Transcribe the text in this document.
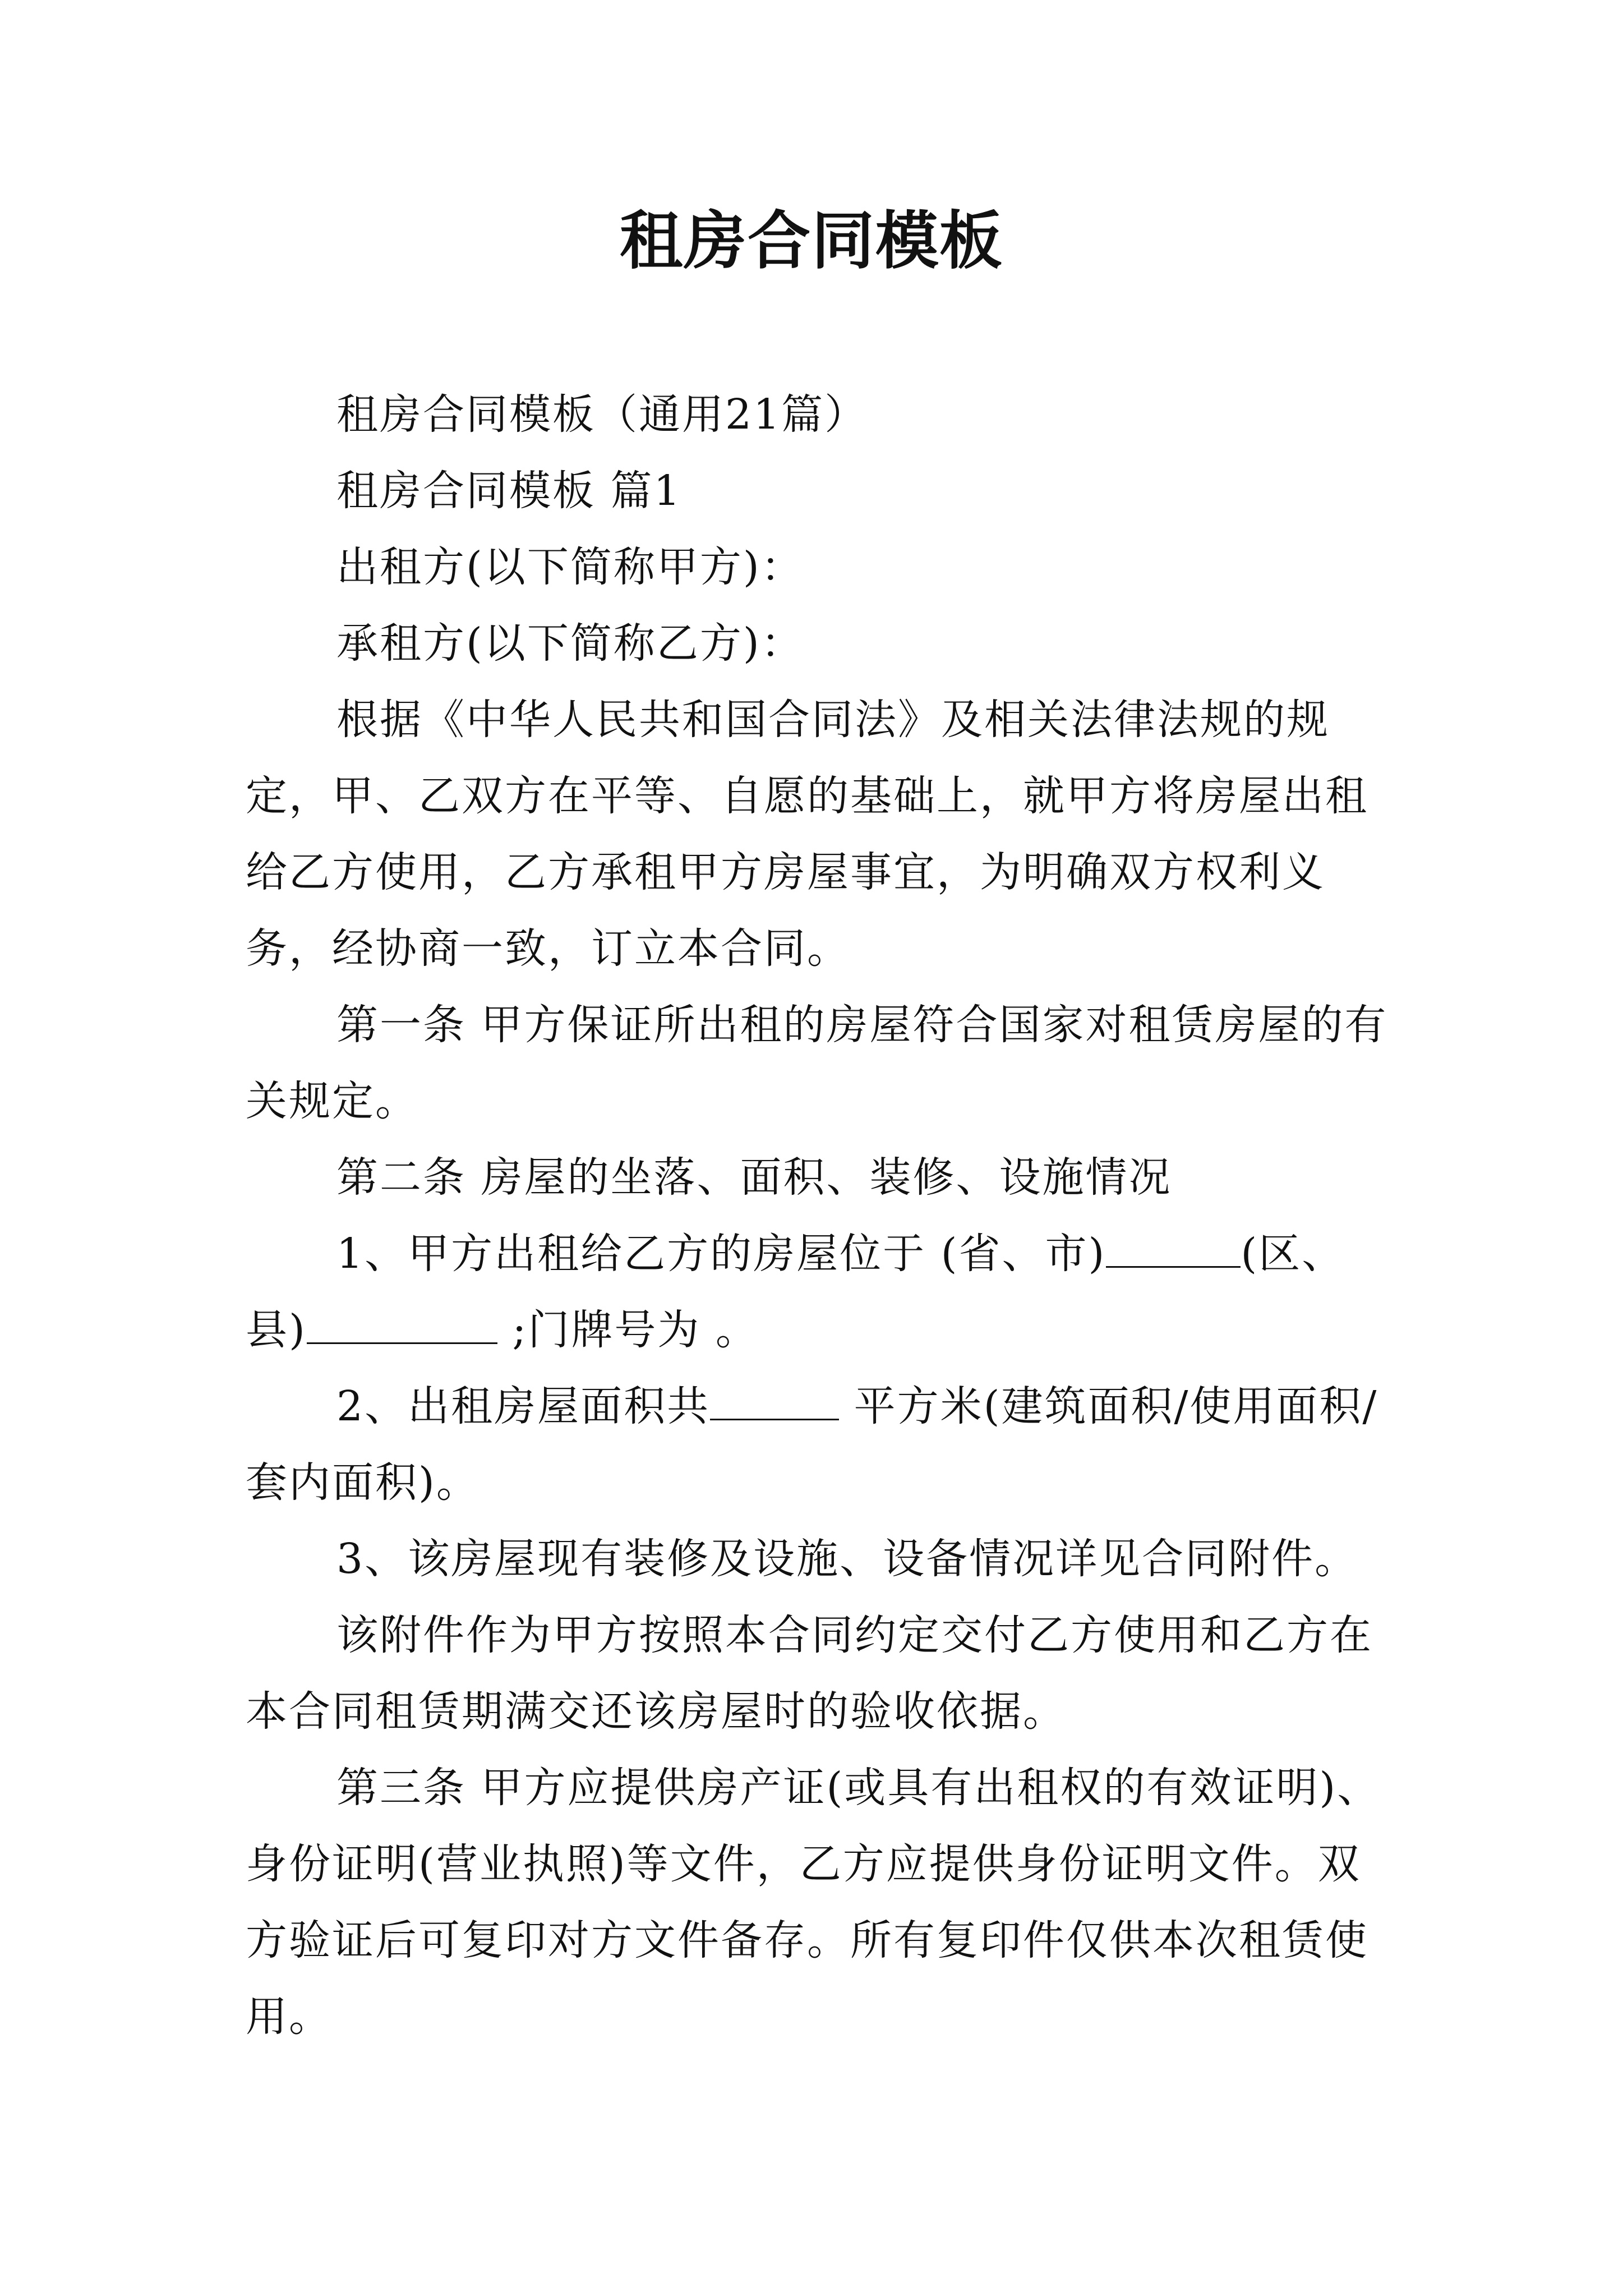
租房合同模板

租房合同模板（通用21篇）

租房合同模板 篇1

出租方(以下简称甲方)：

承租方(以下简称乙方)：

根据《中华人民共和国合同法》及相关法律法规的规定，甲、乙双方在平等、自愿的基础上，就甲方将房屋出租给乙方使用，乙方承租甲方房屋事宜，为明确双方权利义务，经协商一致，订立本合同。

第一条 甲方保证所出租的房屋符合国家对租赁房屋的有关规定。

第二条 房屋的坐落、面积、装修、设施情况

1、甲方出租给乙方的房屋位于 (省、市)	(区、县)	;门牌号为 。

2、出租房屋面积共	平方米(建筑面积/使用面积/套内面积)。

3、该房屋现有装修及设施、设备情况详见合同附件。

该附件作为甲方按照本合同约定交付乙方使用和乙方在本合同租赁期满交还该房屋时的验收依据。

第三条 甲方应提供房产证(或具有出租权的有效证明)、身份证明(营业执照)等文件，乙方应提供身份证明文件。双方验证后可复印对方文件备存。所有复印件仅供本次租赁使用。
